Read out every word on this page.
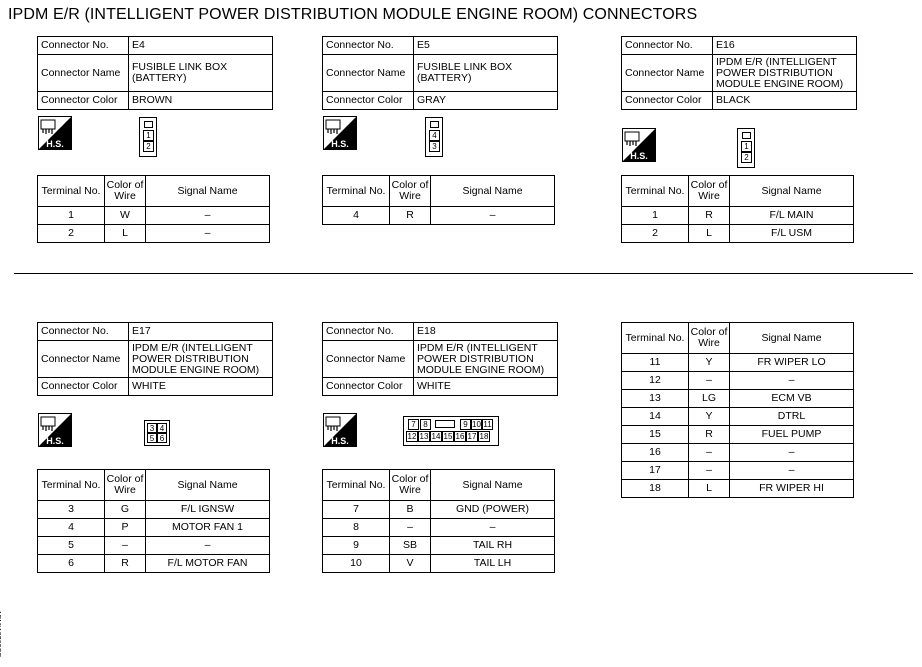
IPDM E/R (INTELLIGENT POWER DISTRIBUTION MODULE ENGINE ROOM) CONNECTORS
Connector No.	E4
Connector Name	FUSIBLE LINK BOX (BATTERY)
Connector Color	BROWN
H.S.
1
2
Terminal No.	Color of Wire	Signal Name
1	W	–
2	L	–
Connector No.	E5
Connector Name	FUSIBLE LINK BOX (BATTERY)
Connector Color	GRAY
H.S.
4
3
Terminal No.	Color of Wire	Signal Name
4	R	–
Connector No.	E16
Connector Name	IPDM E/R (INTELLIGENT POWER DISTRIBUTION MODULE ENGINE ROOM)
Connector Color	BLACK
H.S.
1
2
Terminal No.	Color of Wire	Signal Name
1	R	F/L MAIN
2	L	F/L USM
Connector No.	E17
Connector Name	IPDM E/R (INTELLIGENT POWER DISTRIBUTION MODULE ENGINE ROOM)
Connector Color	WHITE
H.S.
3 4
5 6
Terminal No.	Color of Wire	Signal Name
3	G	F/L IGNSW
4	P	MOTOR FAN 1
5	–	–
6	R	F/L MOTOR FAN
Connector No.	E18
Connector Name	IPDM E/R (INTELLIGENT POWER DISTRIBUTION MODULE ENGINE ROOM)
Connector Color	WHITE
H.S.
7 8	9 10 11
12 13 14 15 16 17 18
Terminal No.	Color of Wire	Signal Name
7	B	GND (POWER)
8	–	–
9	SB	TAIL RH
10	V	TAIL LH
Terminal No.	Color of Wire	Signal Name
11	Y	FR WIPER LO
12	–	–
13	LG	ECM VB
14	Y	DTRL
15	R	FUEL PUMP
16	–	–
17	–	–
18	L	FR WIPER HI
